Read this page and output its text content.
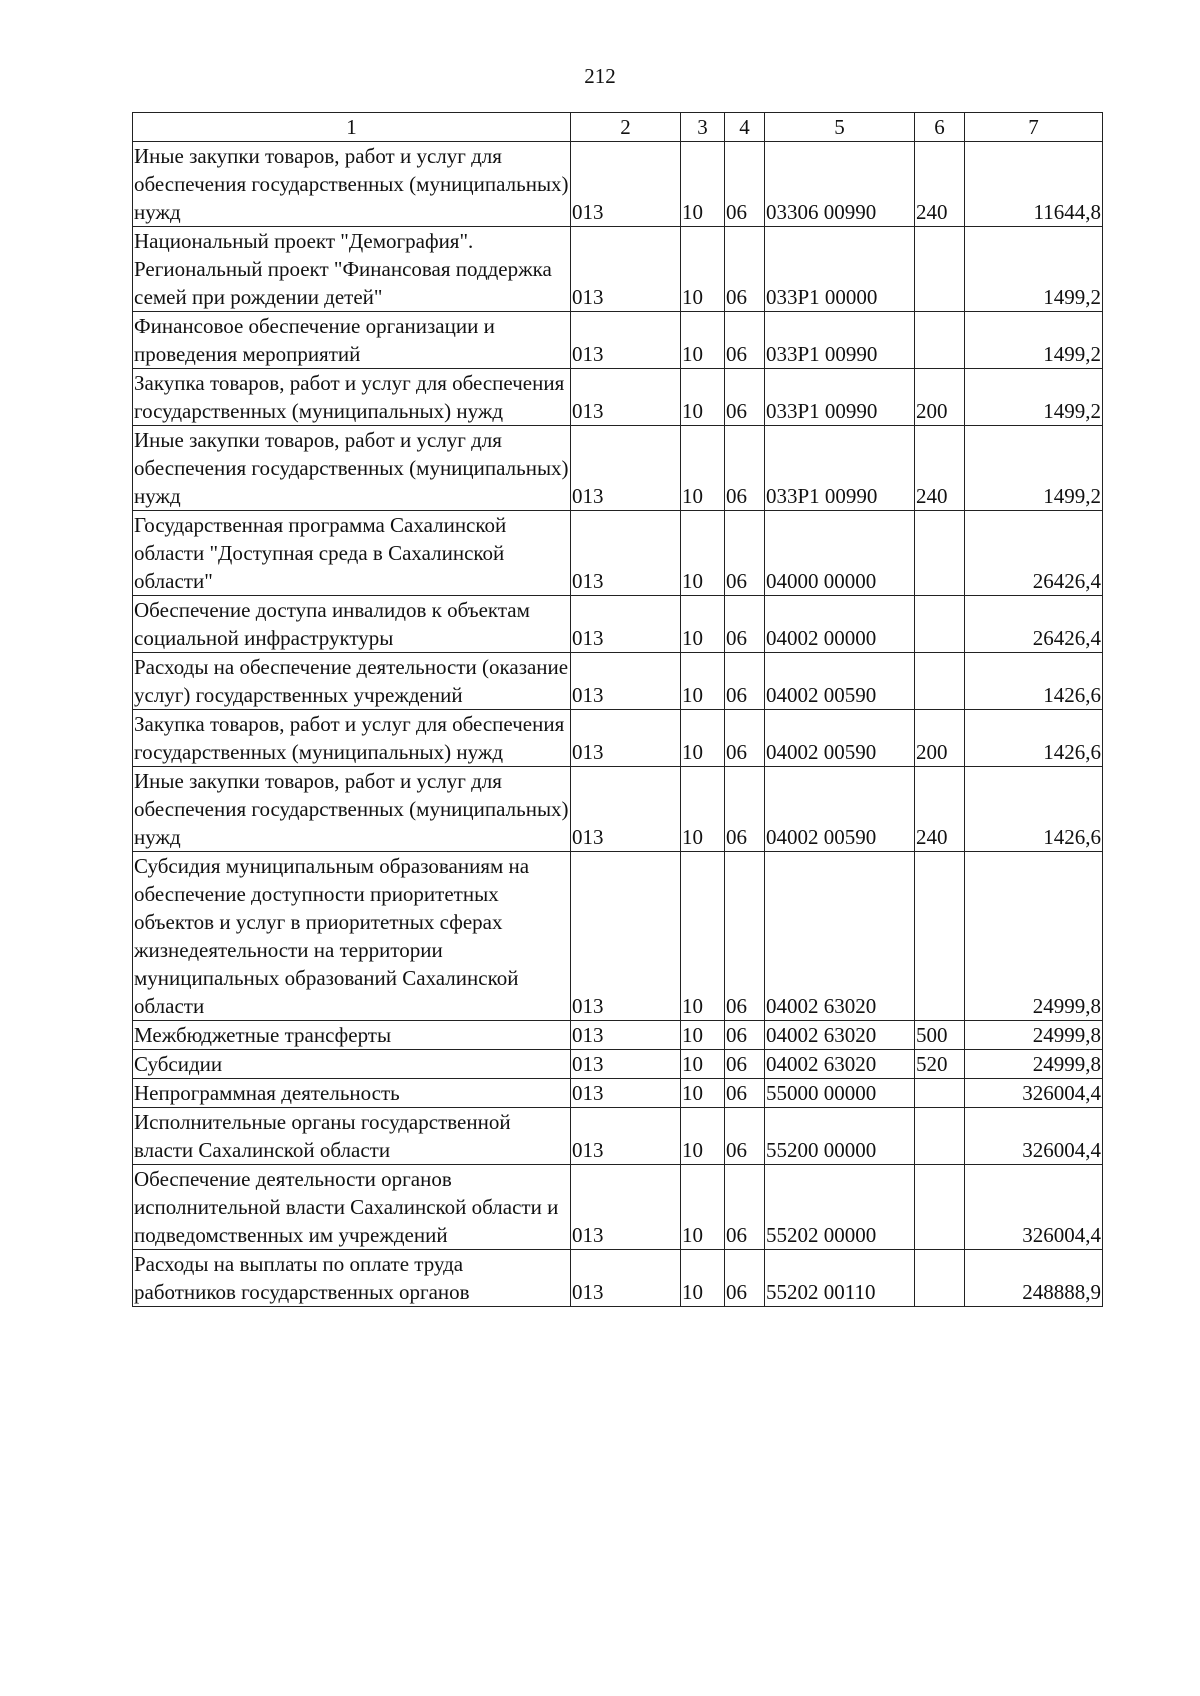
212
1	2	3	4	5	6	7
Иные закупки товаров, работ и услуг для обеспечения государственных (муниципальных) нужд	013	10	06	03306 00990	240	11644,8
Национальный проект "Демография". Региональный проект "Финансовая поддержка семей при рождении детей"	013	10	06	033P1 00000		1499,2
Финансовое обеспечение организации и проведения мероприятий	013	10	06	033P1 00990		1499,2
Закупка товаров, работ и услуг для обеспечения государственных (муниципальных) нужд	013	10	06	033P1 00990	200	1499,2
Иные закупки товаров, работ и услуг для обеспечения государственных (муниципальных) нужд	013	10	06	033P1 00990	240	1499,2
Государственная программа Сахалинской области "Доступная среда в Сахалинской области"	013	10	06	04000 00000		26426,4
Обеспечение доступа инвалидов к объектам социальной инфраструктуры	013	10	06	04002 00000		26426,4
Расходы на обеспечение деятельности (оказание услуг) государственных учреждений	013	10	06	04002 00590		1426,6
Закупка товаров, работ и услуг для обеспечения государственных (муниципальных) нужд	013	10	06	04002 00590	200	1426,6
Иные закупки товаров, работ и услуг для обеспечения государственных (муниципальных) нужд	013	10	06	04002 00590	240	1426,6
Субсидия муниципальным образованиям на обеспечение доступности приоритетных объектов и услуг в приоритетных сферах жизнедеятельности на территории муниципальных образований Сахалинской области	013	10	06	04002 63020		24999,8
Межбюджетные трансферты	013	10	06	04002 63020	500	24999,8
Субсидии	013	10	06	04002 63020	520	24999,8
Непрограммная деятельность	013	10	06	55000 00000		326004,4
Исполнительные органы государственной власти Сахалинской области	013	10	06	55200 00000		326004,4
Обеспечение деятельности органов исполнительной власти Сахалинской области и подведомственных им учреждений	013	10	06	55202 00000		326004,4
Расходы на выплаты по оплате труда работников государственных органов	013	10	06	55202 00110		248888,9
